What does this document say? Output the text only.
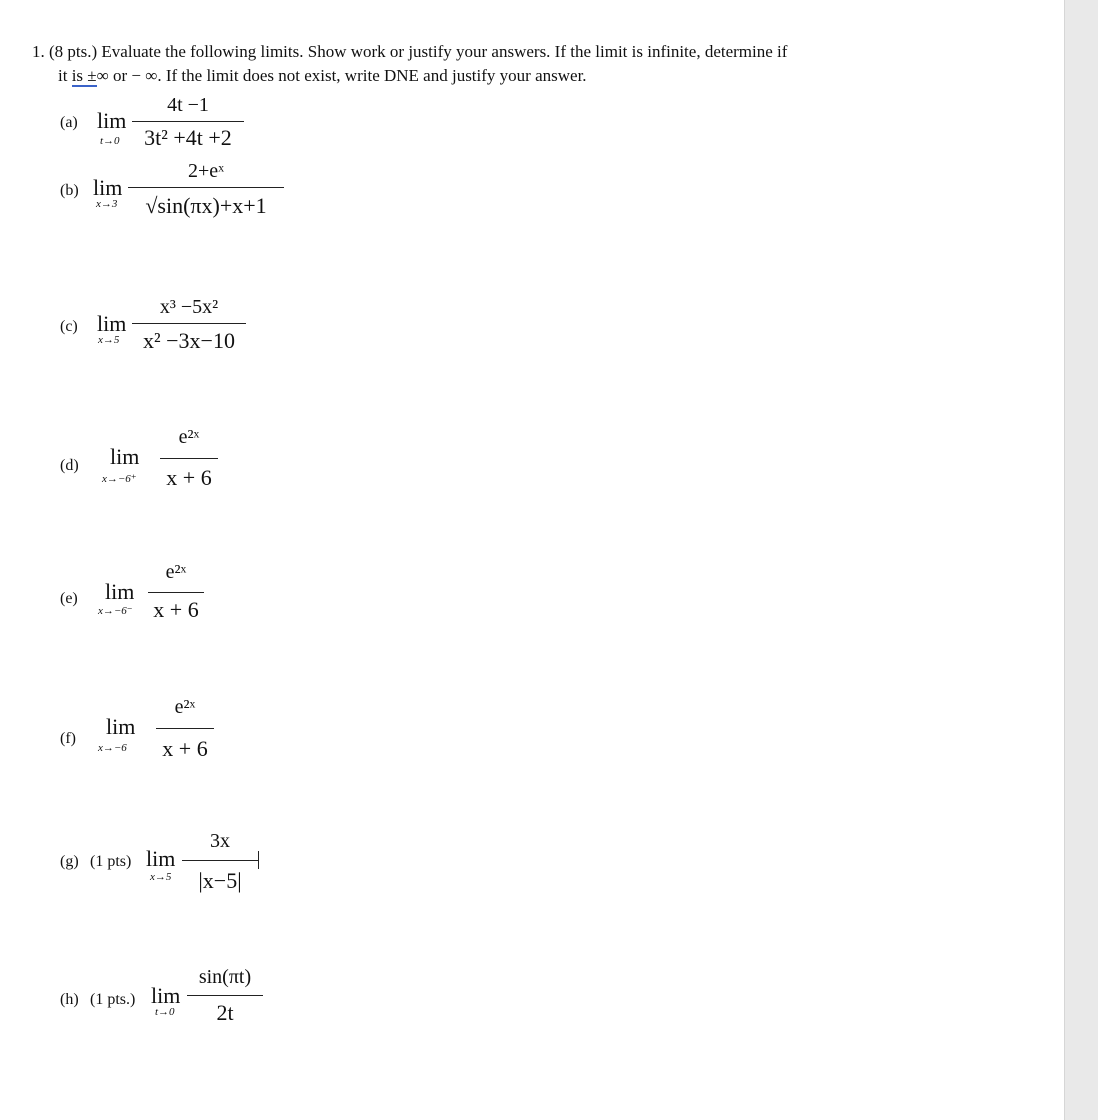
1. (8 pts.) Evaluate the following limits. Show work or justify your answers. If the limit is infinite, determine if
it is ±∞ or − ∞. If the limit does not exist, write DNE and justify your answer.
(a) lim
t→0
4t −1
3t² +4t +2
(b) lim
x→3
2+eˣ
√sin(πx)+x+1
(c) lim
x→5
x³ −5x²
x² −3x−10
(d) lim
x→−6⁺
e²ˣ
x + 6
(e) lim
x→−6⁻
e²ˣ
x + 6
(f) lim
x→−6
e²ˣ
x + 6
(g) (1 pts) lim
x→5
3x
|x−5|
(h) (1 pts.) lim
t→0
sin(πt)
2t
